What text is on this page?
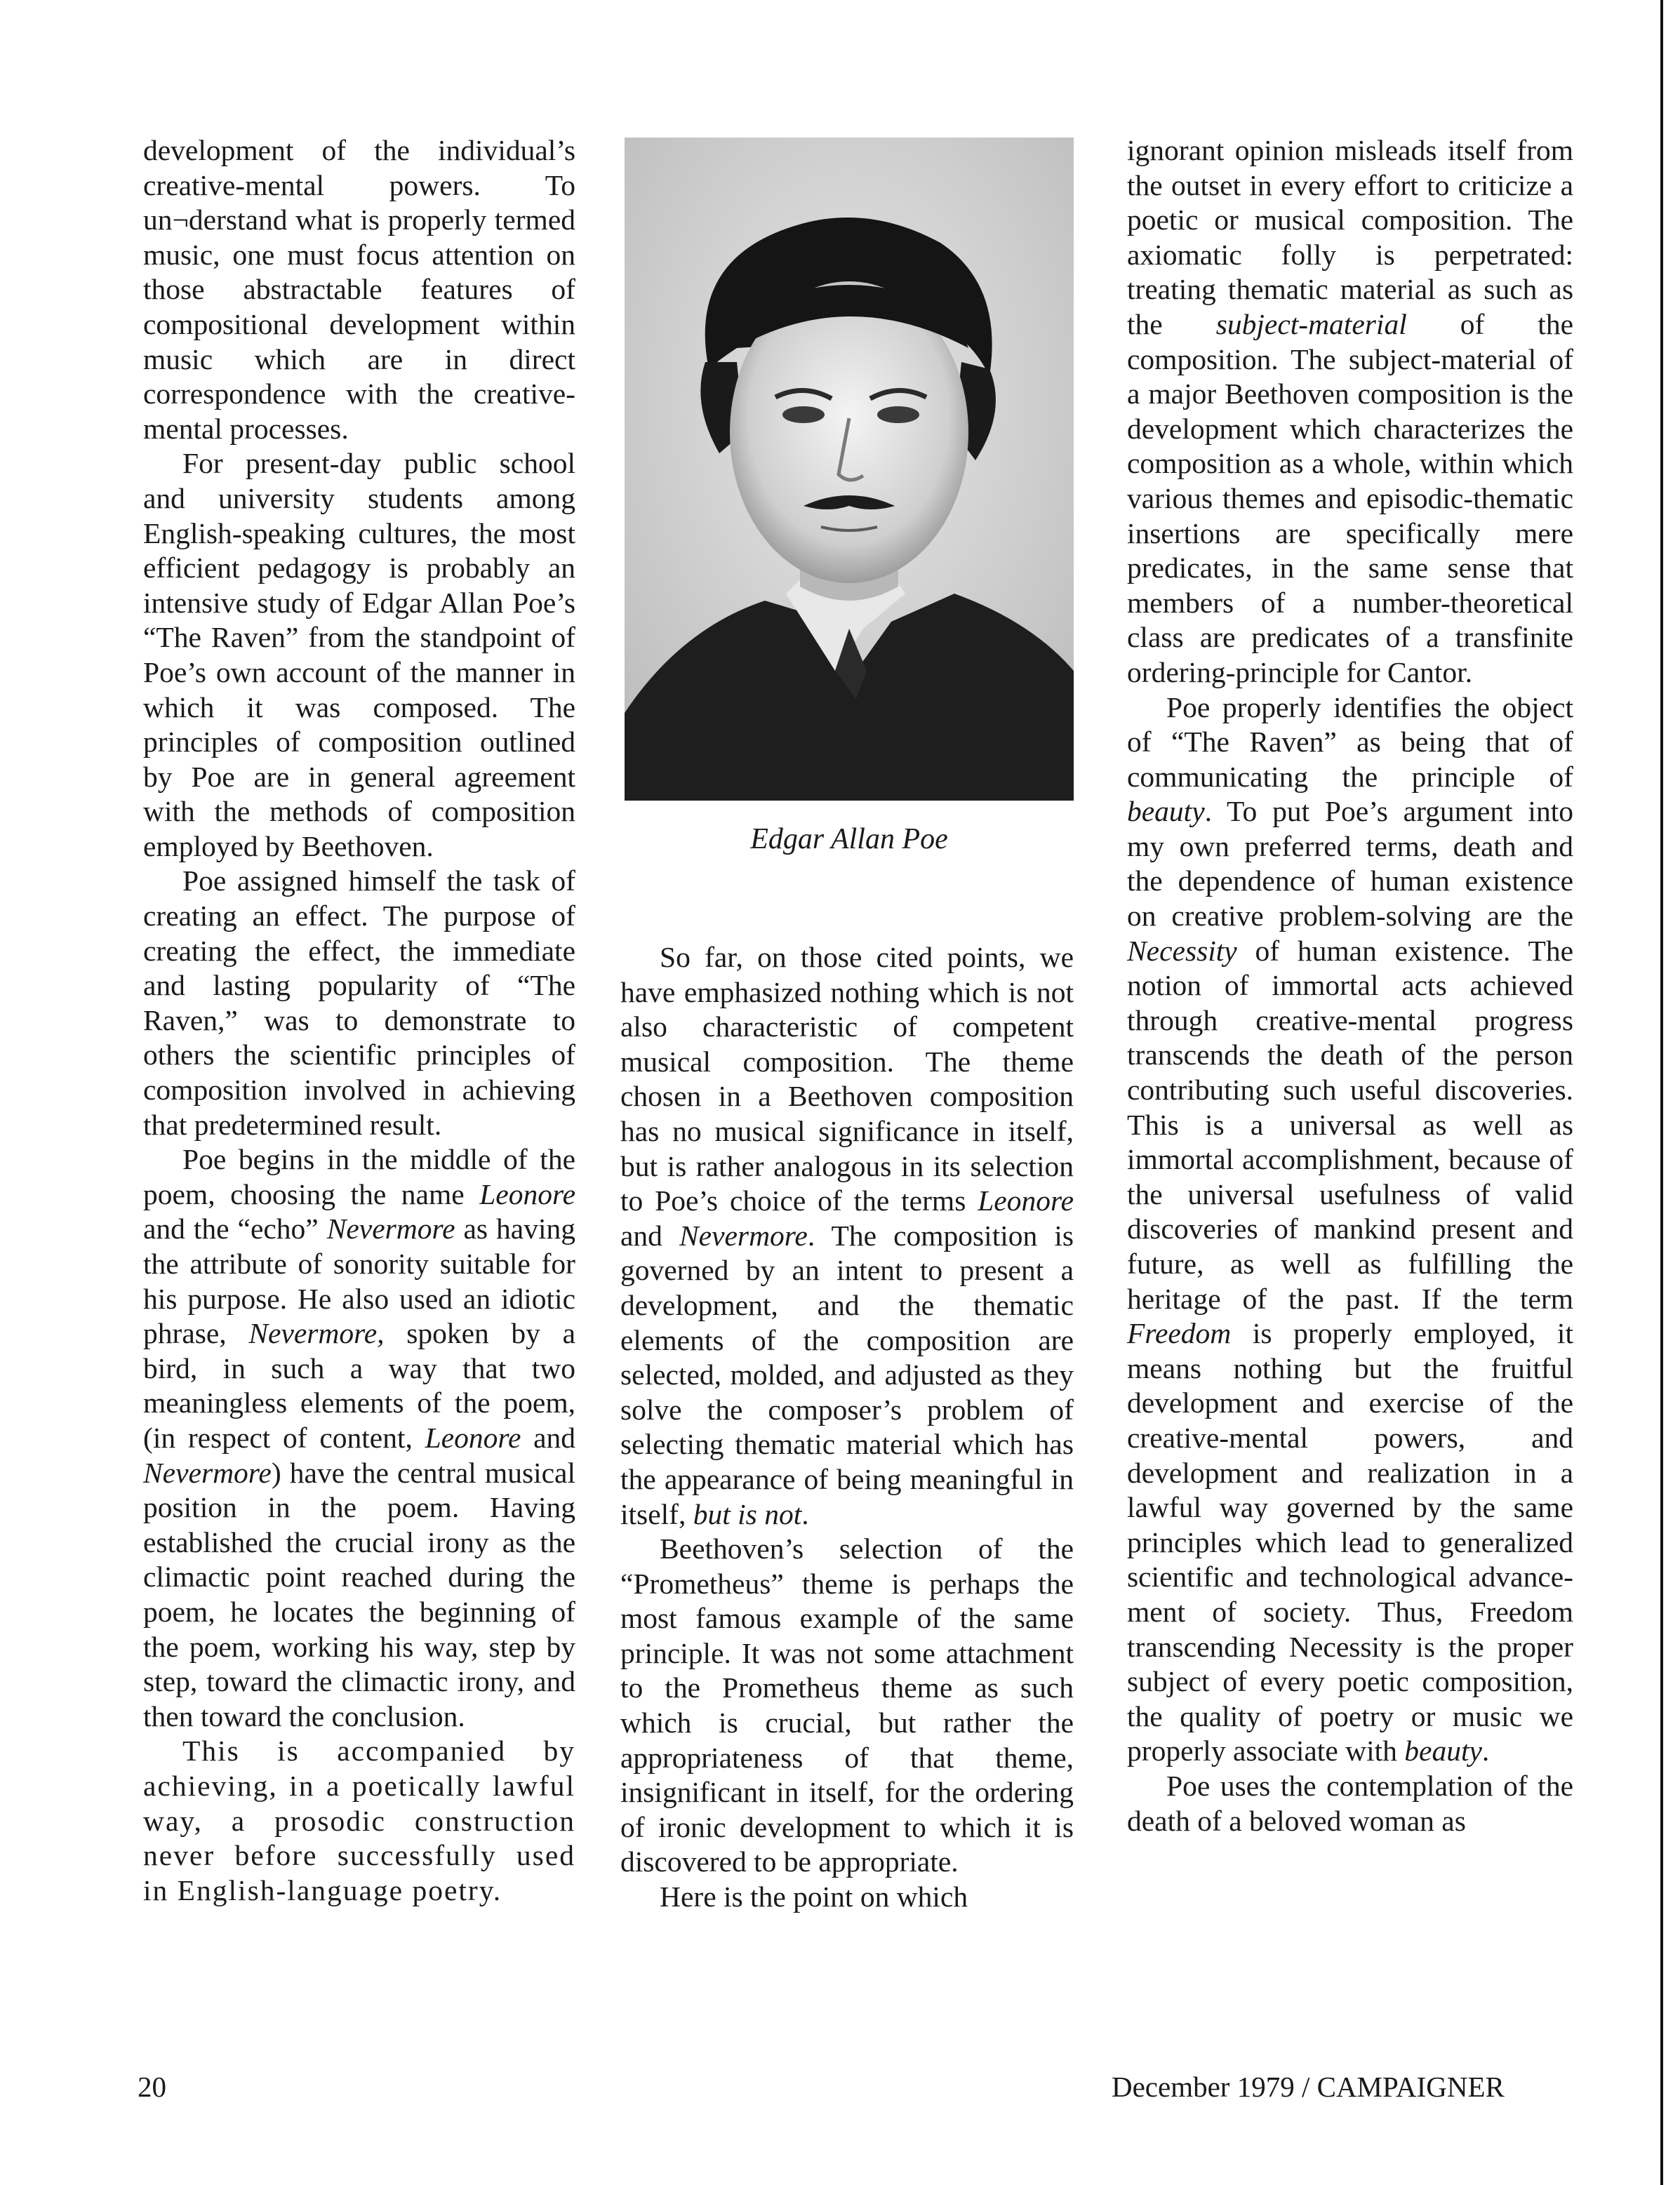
development of the individual’s creative-mental powers. To un¬derstand what is properly termed music, one must focus attention on those abstractable features of compositional development within music which are in direct correspondence with the creative-mental processes.

For present-day public school and university students among English-speaking cultures, the most efficient pedagogy is probably an intensive study of Edgar Allan Poe’s “The Raven” from the standpoint of Poe’s own account of the manner in which it was composed. The principles of composition outlined by Poe are in general agreement with the methods of composition employed by Beethoven.

Poe assigned himself the task of creating an effect. The purpose of creating the effect, the immediate and lasting popularity of “The Raven,” was to demonstrate to others the scientific principles of composition involved in achieving that predetermined result.

Poe begins in the middle of the poem, choosing the name Leonore and the “echo” Nevermore as having the attribute of sonority suitable for his purpose. He also used an idiotic phrase, Nevermore, spoken by a bird, in such a way that two meaningless elements of the poem, (in respect of content, Leonore and Nevermore) have the central musical position in the poem. Having established the crucial irony as the climactic point reached during the poem, he locates the beginning of the poem, working his way, step by step, toward the climactic irony, and then toward the conclusion.

This is accompanied by achieving, in a poetically lawful way, a prosodic construction never before successfully used in English-language poetry.

Edgar Allan Poe

So far, on those cited points, we have emphasized nothing which is not also characteristic of competent musical composition. The theme chosen in a Beethoven composition has no musical significance in itself, but is rather analogous in its selection to Poe’s choice of the terms Leonore and Nevermore. The composition is governed by an intent to present a development, and the thematic elements of the composition are selected, molded, and adjusted as they solve the composer’s problem of selecting thematic material which has the appearance of being meaningful in itself, but is not.

Beethoven’s selection of the “Prometheus” theme is perhaps the most famous example of the same principle. It was not some attachment to the Prometheus theme as such which is crucial, but rather the appropriateness of that theme, insignificant in itself, for the ordering of ironic development to which it is discovered to be appropriate.

Here is the point on which

ignorant opinion misleads itself from the outset in every effort to criticize a poetic or musical composition. The axiomatic folly is perpetrated: treating thematic material as such as the subject-material of the composition. The subject-material of a major Beethoven composition is the development which characterizes the composition as a whole, within which various themes and episodic-thematic insertions are specifically mere predicates, in the same sense that members of a number-theoretical class are predicates of a transfinite ordering-principle for Cantor.

Poe properly identifies the object of “The Raven” as being that of communicating the principle of beauty. To put Poe’s argument into my own preferred terms, death and the dependence of human existence on creative problem-solving are the Necessity of human existence. The notion of immortal acts achieved through creative-mental progress transcends the death of the person contributing such useful discoveries. This is a universal as well as immortal accomplishment, because of the universal usefulness of valid discoveries of mankind present and future, as well as fulfilling the heritage of the past. If the term Freedom is properly employed, it means nothing but the fruitful development and exercise of the creative-mental powers, and development and realization in a lawful way governed by the same principles which lead to generalized scientific and technological advancement of society. Thus, Freedom transcending Necessity is the proper subject of every poetic composition, the quality of poetry or music we properly associate with beauty.

Poe uses the contemplation of the death of a beloved woman as

20	December 1979 / CAMPAIGNER
